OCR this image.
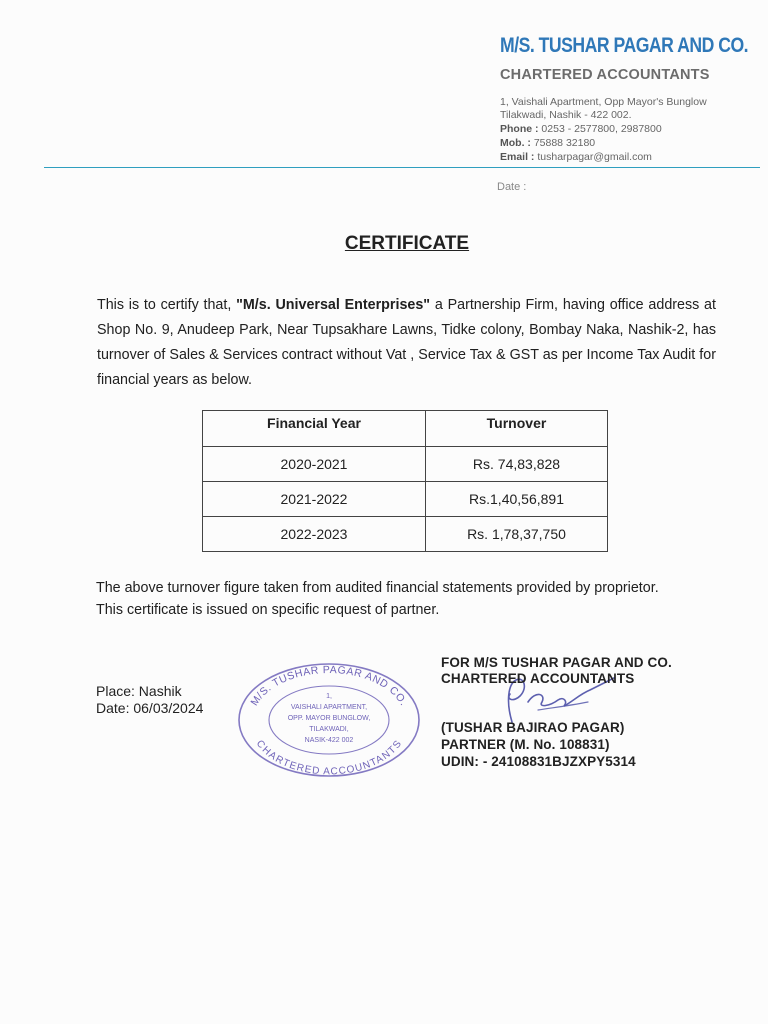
M/S. TUSHAR PAGAR AND CO.
CHARTERED ACCOUNTANTS
1, Vaishali Apartment, Opp Mayor's Bunglow
Tilakwadi, Nashik - 422 002.
Phone : 0253 - 2577800, 2987800
Mob. : 75888 32180
Email : tusharpagar@gmail.com
Date :
CERTIFICATE
This is to certify that, "M/s. Universal Enterprises" a Partnership Firm, having office address at Shop No. 9, Anudeep Park, Near Tupsakhare Lawns, Tidke colony, Bombay Naka, Nashik-2, has turnover of Sales & Services contract without Vat , Service Tax & GST as per Income Tax Audit for financial years as below.
Financial Year	Turnover
2020-2021	Rs. 74,83,828
2021-2022	Rs.1,40,56,891
2022-2023	Rs. 1,78,37,750
The above turnover figure taken from audited financial statements provided by proprietor.
This certificate is issued on specific request of partner.
Place: Nashik
Date: 06/03/2024	M/S. TUSHAR PAGAR AND CO.
CHARTERED ACCOUNTANTS
1,
VAISHALI APARTMENT,
OPP. MAYOR BUNGLOW,
TILAKWADI,
NASIK-422 002
FOR M/S TUSHAR PAGAR AND CO.
CHARTERED ACCOUNTANTS
(TUSHAR BAJIRAO PAGAR)
PARTNER (M. No. 108831)
UDIN: - 24108831BJZXPY5314
